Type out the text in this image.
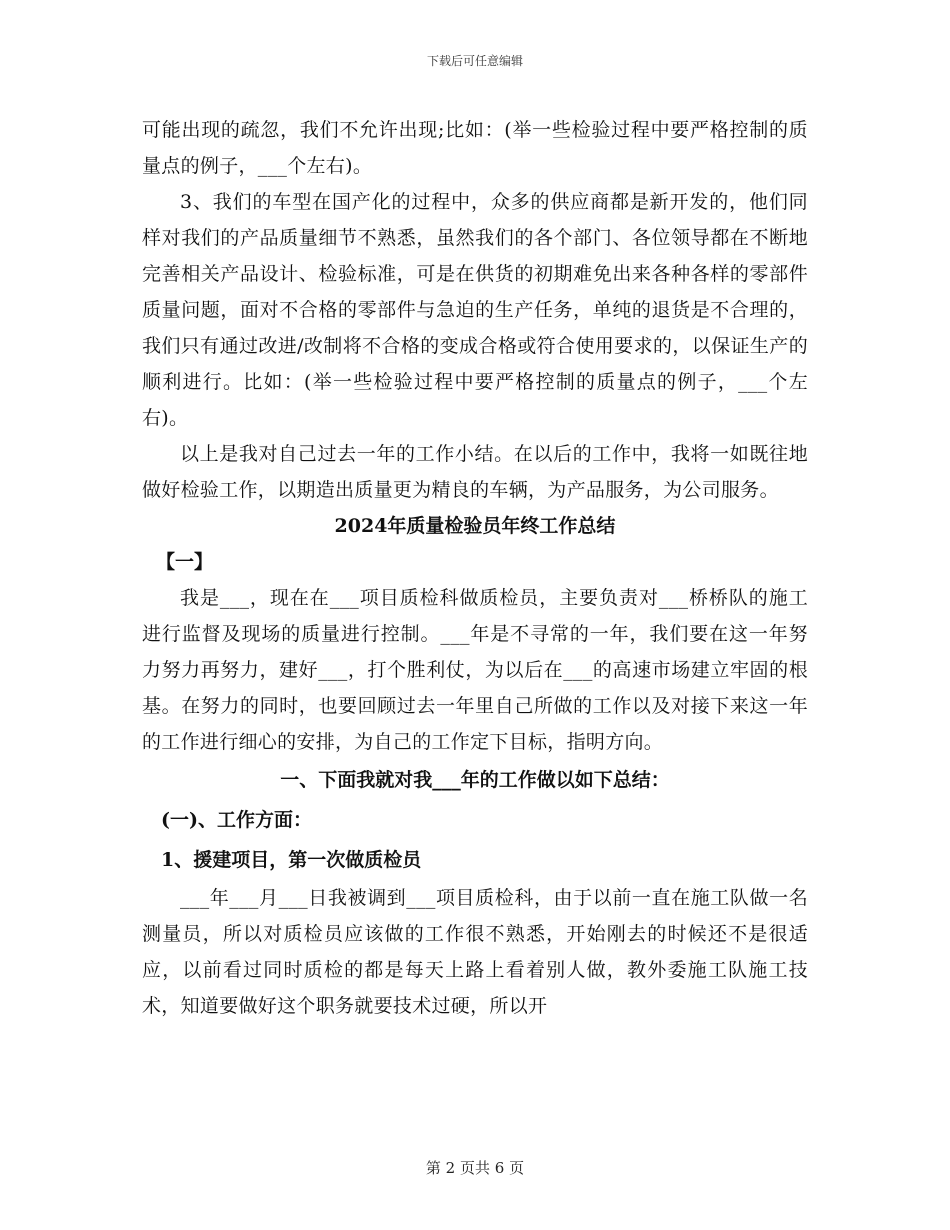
下载后可任意编辑

可能出现的疏忽，我们不允许出现;比如：(举一些检验过程中要严格控制的质量点的例子，___个左右)。

3、我们的车型在国产化的过程中，众多的供应商都是新开发的，他们同样对我们的产品质量细节不熟悉，虽然我们的各个部门、各位领导都在不断地完善相关产品设计、检验标准，可是在供货的初期难免出来各种各样的零部件质量问题，面对不合格的零部件与急迫的生产任务，单纯的退货是不合理的，我们只有通过改进/改制将不合格的变成合格或符合使用要求的，以保证生产的顺利进行。比如：(举一些检验过程中要严格控制的质量点的例子，___个左右)。

以上是我对自己过去一年的工作小结。在以后的工作中，我将一如既往地做好检验工作，以期造出质量更为精良的车辆，为产品服务，为公司服务。

2024年质量检验员年终工作总结

【一】

我是___，现在在___项目质检科做质检员，主要负责对___桥桥队的施工进行监督及现场的质量进行控制。___年是不寻常的一年，我们要在这一年努力努力再努力，建好___，打个胜利仗，为以后在___的高速市场建立牢固的根基。在努力的同时，也要回顾过去一年里自己所做的工作以及对接下来这一年的工作进行细心的安排，为自己的工作定下目标，指明方向。

一、下面我就对我___年的工作做以如下总结：

(一)、工作方面：

1、援建项目，第一次做质检员

___年___月___日我被调到___项目质检科，由于以前一直在施工队做一名测量员，所以对质检员应该做的工作很不熟悉，开始刚去的时候还不是很适应，以前看过同时质检的都是每天上路上看着别人做，教外委施工队施工技术，知道要做好这个职务就要技术过硬，所以开

第 2 页共 6 页
